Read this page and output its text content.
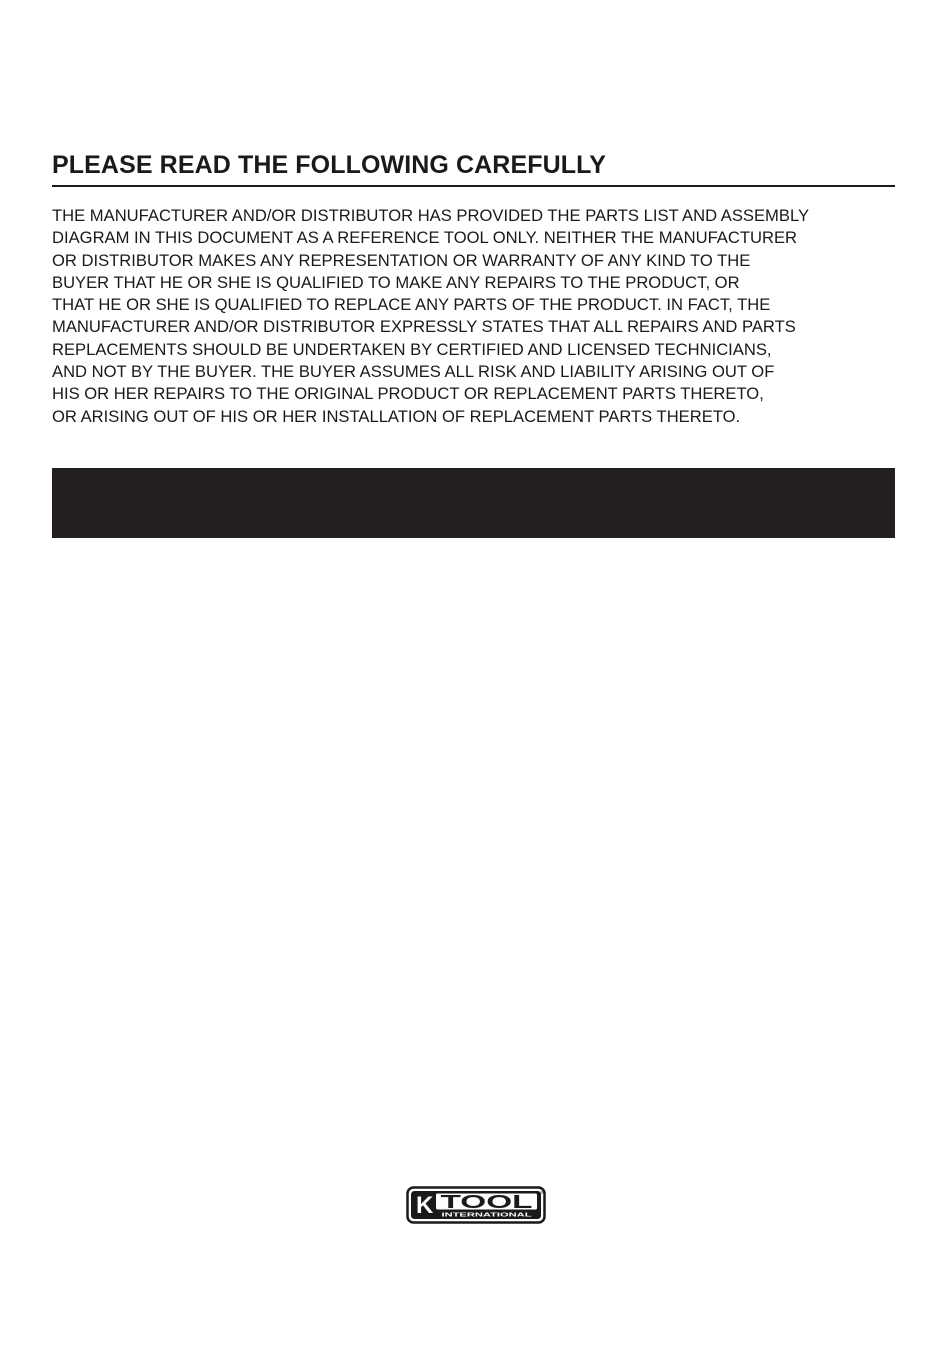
PLEASE READ THE FOLLOWING CAREFULLY

THE MANUFACTURER AND/OR DISTRIBUTOR HAS PROVIDED THE PARTS LIST AND ASSEMBLY
DIAGRAM IN THIS DOCUMENT AS A REFERENCE TOOL ONLY. NEITHER THE MANUFACTURER
OR DISTRIBUTOR MAKES ANY REPRESENTATION OR WARRANTY OF ANY KIND TO THE
BUYER THAT HE OR SHE IS QUALIFIED TO MAKE ANY REPAIRS TO THE PRODUCT, OR
THAT HE OR SHE IS QUALIFIED TO REPLACE ANY PARTS OF THE PRODUCT. IN FACT, THE
MANUFACTURER AND/OR DISTRIBUTOR EXPRESSLY STATES THAT ALL REPAIRS AND PARTS
REPLACEMENTS SHOULD BE UNDERTAKEN BY CERTIFIED AND LICENSED TECHNICIANS,
AND NOT BY THE BUYER. THE BUYER ASSUMES ALL RISK AND LIABILITY ARISING OUT OF
HIS OR HER REPAIRS TO THE ORIGINAL PRODUCT OR REPLACEMENT PARTS THERETO,
OR ARISING OUT OF HIS OR HER INSTALLATION OF REPLACEMENT PARTS THERETO.

K TOOL
INTERNATIONAL
®
